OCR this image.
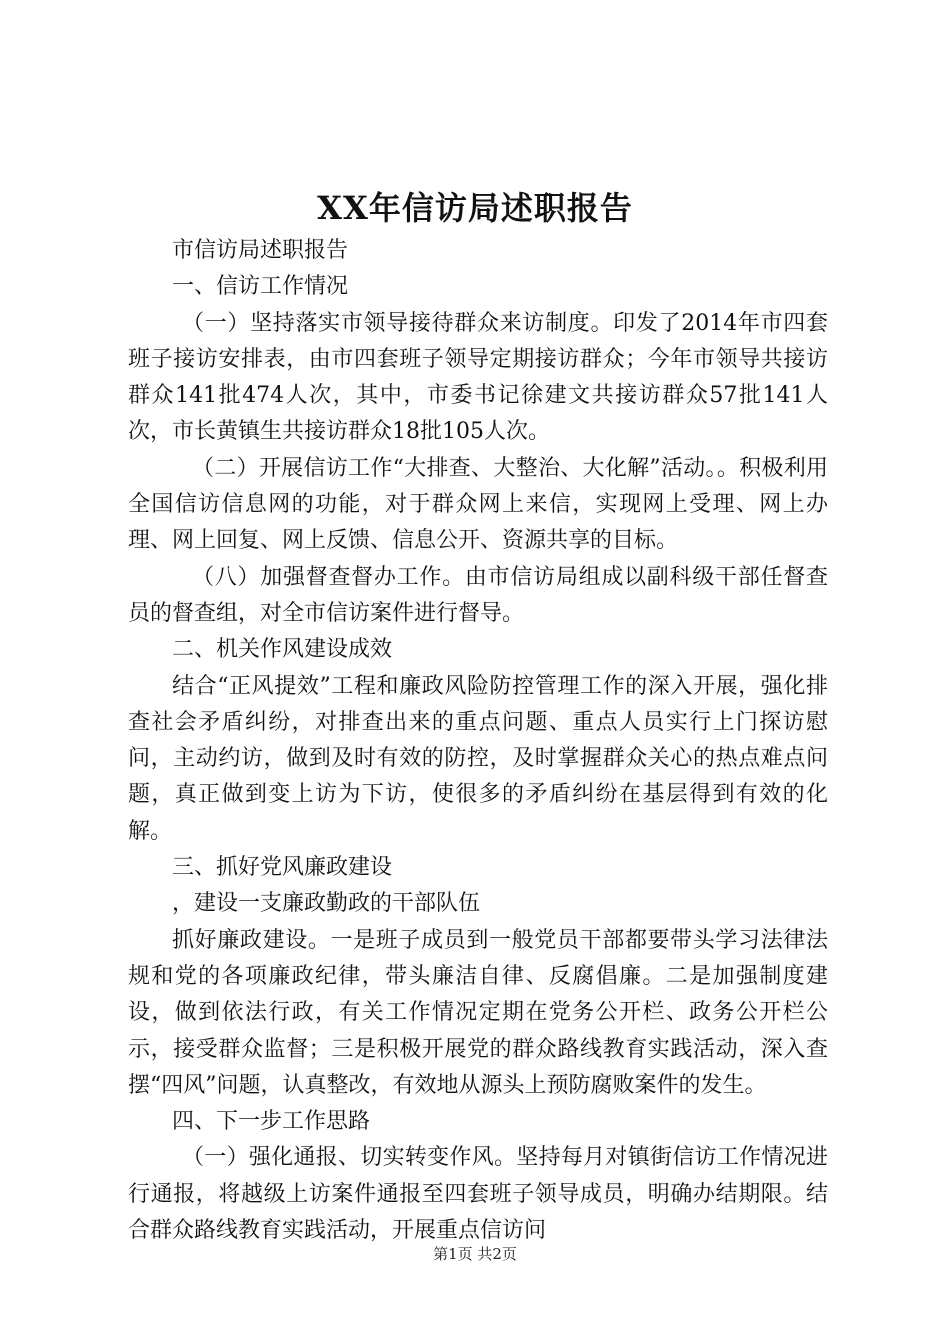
XX年信访局述职报告

市信访局述职报告

一、信访工作情况

（一）坚持落实市领导接待群众来访制度。印发了2014年市四套班子接访安排表，由市四套班子领导定期接访群众；今年市领导共接访群众141批474人次，其中，市委书记徐建文共接访群众57批141人次，市长黄镇生共接访群众18批105人次。

（二）开展信访工作“大排查、大整治、大化解”活动。。积极利用全国信访信息网的功能，对于群众网上来信，实现网上受理、网上办理、网上回复、网上反馈、信息公开、资源共享的目标。

（八）加强督查督办工作。由市信访局组成以副科级干部任督查员的督查组，对全市信访案件进行督导。

二、机关作风建设成效

结合“正风提效”工程和廉政风险防控管理工作的深入开展，强化排查社会矛盾纠纷，对排查出来的重点问题、重点人员实行上门探访慰问，主动约访，做到及时有效的防控，及时掌握群众关心的热点难点问题，真正做到变上访为下访，使很多的矛盾纠纷在基层得到有效的化解。

三、抓好党风廉政建设

，建设一支廉政勤政的干部队伍

抓好廉政建设。一是班子成员到一般党员干部都要带头学习法律法规和党的各项廉政纪律，带头廉洁自律、反腐倡廉。二是加强制度建设，做到依法行政，有关工作情况定期在党务公开栏、政务公开栏公示，接受群众监督；三是积极开展党的群众路线教育实践活动，深入查摆“四风”问题，认真整改，有效地从源头上预防腐败案件的发生。

四、下一步工作思路

（一）强化通报、切实转变作风。坚持每月对镇街信访工作情况进行通报，将越级上访案件通报至四套班子领导成员，明确办结期限。结合群众路线教育实践活动，开展重点信访问

第1页 共2页
